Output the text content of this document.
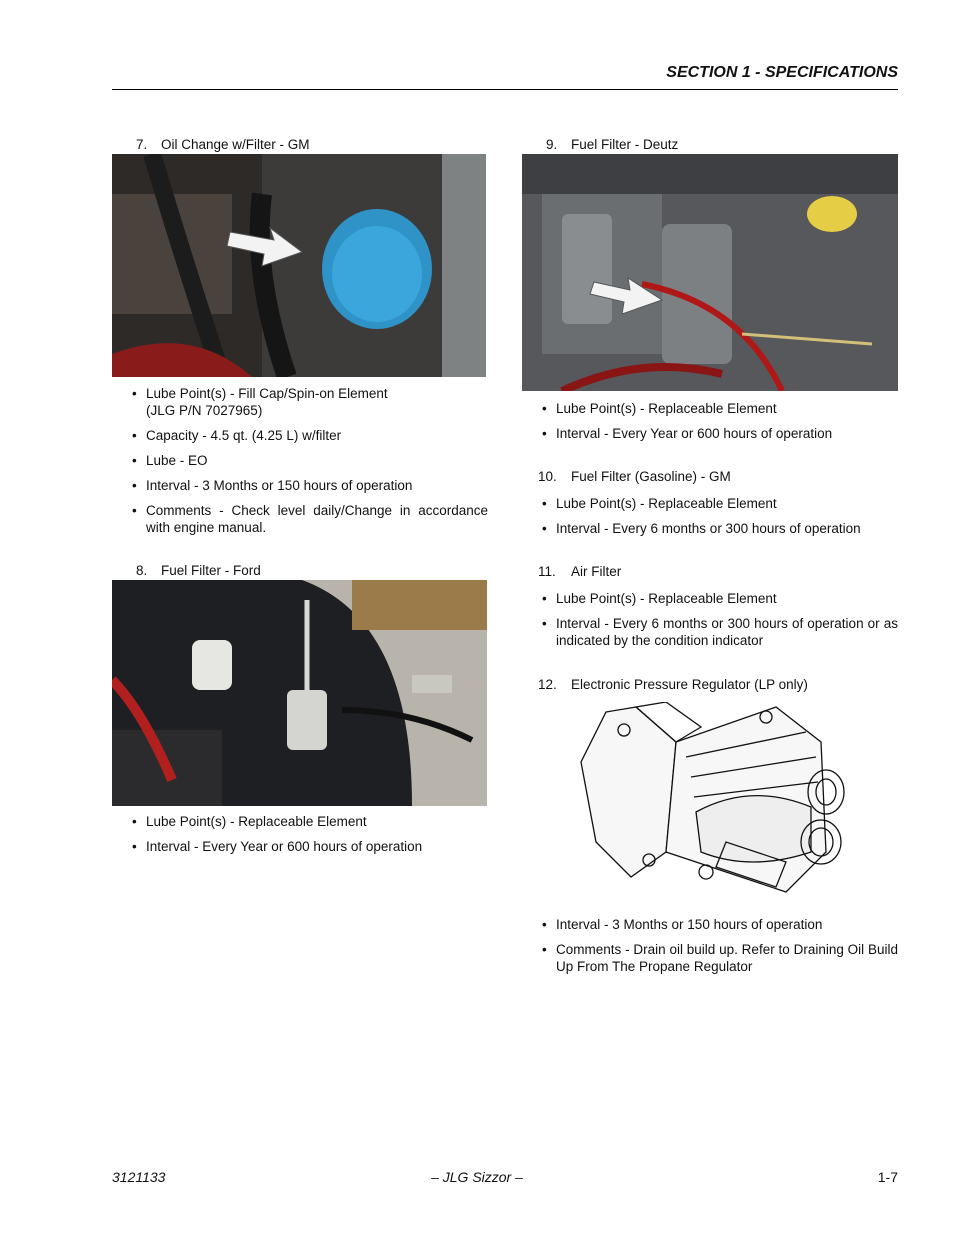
SECTION 1 - SPECIFICATIONS
7. Oil Change w/Filter - GM
• Lube Point(s) - Fill Cap/Spin-on Element
(JLG P/N 7027965)
• Capacity - 4.5 qt. (4.25 L) w/filter
• Lube - EO
• Interval - 3 Months or 150 hours of operation
• Comments - Check level daily/Change in accordance with engine manual.
8. Fuel Filter - Ford
• Lube Point(s) - Replaceable Element
• Interval - Every Year or 600 hours of operation
9. Fuel Filter - Deutz
• Lube Point(s) - Replaceable Element
• Interval - Every Year or 600 hours of operation
10. Fuel Filter (Gasoline) - GM
• Lube Point(s) - Replaceable Element
• Interval - Every 6 months or 300 hours of operation
11. Air Filter
• Lube Point(s) - Replaceable Element
• Interval - Every 6 months or 300 hours of operation or as indicated by the condition indicator
12. Electronic Pressure Regulator (LP only)
• Interval - 3 Months or 150 hours of operation
• Comments - Drain oil build up. Refer to Draining Oil Build Up From The Propane Regulator
3121133	– JLG Sizzor –	1-7
